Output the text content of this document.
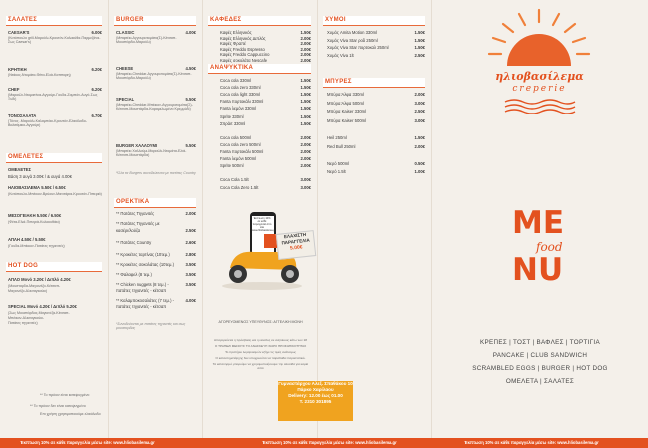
ΣΑΛΑΤΕΣ
CAESAR'S	6.00€
(Κοτόπουλο grill-Μαρούλι-Κρουτόν-Κολοκύθα-Παρμεζάνα-Σως Caesar's)
ΚΡΗΤΙΚΗ	6.20€
(Ντάκος-Ντομάτα-Φέτα-Ελιά-Καππαρη)
CHEF	6.20€
(Μαρούλι-Ντοματίνια-Αγγούρι-Γουδα-Ζαμπόν-Αυγό-Σως Ξυδι)
ΤΟΝΟΣΑΛΑΤΑ	6.70€
(Τόνος -Μαρούλι-Καλαμπόκι-Κρουτόν-Ελαιόλαδο-Βαλσάμικο-Αγγούρι)
ΟΜΕΛΕΤΕΣ
ΟΜΕΛΕΤΕΣ
Βάση 3 αυγά 3.00€ / & αυγά 4.00€
ΗΛΙΟΒΑΣΙΛΕΜΑ 5.50€ / 6.50€
(Κοτόπουλο-Μπέικον-Βρύουν-Μανιτάρια-Κρουτόν-Πιπεριά)
ΜΕΣΟΓΕΙΑΚΗ 5.50€ / 6.50€
(Φέτα-Ελιά-Πιπεριά-Κολοκυθάκι)
ΑΠΛΗ 4.50€ / 5.50€
(Γουδα-Μπέικον-Πατάτες τηγανιτές)
HOT DOG
ΑΠΛΟ Μονό 3.20€ / Διπλό 4.20€
(Μουσταρδα-Μαγιονέζα-Κέτσαπ-
Μαγιονέζα-Αλεσαγκούκι)
SPECIAL Μονό 4.20€ / Διπλό 5.20€
(Σως Μουστάρδας-Μαγιονέζα-Κέτσαπ-
Μπέικον-Αλεσαγκούκι-
Πατάτες τηγανιτές)
** Το πρόιον είναι κατεψυγμένο
** Το πρόιον δεν είναι κατεψυγμένο
Επι χρήση χρησιμοποιούμε ελαιόλαδο
BURGER
CLASSIC	4.00€
(Μπιφτέκι-Αγγουροτομάτα(Σ)-Κέτσαπ-Μουστάρδα-Μαρούλι)
CHEESE	4.50€
(Μπιφτέκι-Cheddar-Αγγουροτομάτα(Σ)-Κέτσαπ-Μουστάρδα-Μαρούλι)
SPECIAL	5.50€
(Μπιφτέκι-Cheddar-Μπέικον-Αγγουροτομάτα(Σ)-Κέτσαπ-Μουστάρδα-Καραμελωμένο Κρεμμύδι)
BURGER ΧΑΛΛΟΥΜΙ	5.50€
(Μπιφτέκι Χαλλούμι-Μαρούλι-Ντομάτα-Ελιά-Κέτσαπ-Μουστάρδα)
*Όλα τα Burgers συνοδεύονται με πατάτες Country
ΟΡΕΚΤΙΚΑ
** Πατάτες Τηγανιτές	2.00€
** Πατάτες Τηγανιτές με
κασέρι/λούζα	2.50€
** Πατάτες Country	2.60€
** Κροκέτες ταρτίνας (10τεμ.)	2.80€
** Κροκέτες σοκολάτας (10τεμ.)	3.50€
** Φαλαφελ (8 τεμ.)	3.50€
** Chicken nuggets (8 τεμ.) -	3.50€
πατάτες τηγανιτές - κέτσαπ
** Καλαμποκοσαλάτες (7 τεμ.) -	4.00€
πατάτες τηγανιτές - κέτσαπ
*Συνοδεύονται με πατάτες τηγανιτές και σως μουσταρδας
ΚΑΦΕΔΕΣ
Καφές Ελληνικός	1.50€
Καφές Ελληνικός Διπλός	2.00€
Καφές Φραπέ	2.00€
Καφές Freddo Espresso	2.00€
Καφές Freddo Cappuccino	2.00€
Καφές σοκολάτα Nescafe	2.00€
ΑΝΑΨΥΚΤΙΚΑ
Coca cola 330ml	1.50€
Coca cola zero 330ml	1.50€
Coca cola light 330ml	1.50€
Fanta πορτοκάλι 330ml	1.50€
Fanta λεμόνι 330ml	1.50€
Sprite 330ml	1.50€
Σπράιτ 330ml	1.50€
Coca cola 500ml	2.00€
Coca cola zero 500ml	2.00€
Fanta πορτοκάλι 500ml	2.00€
Fanta λεμόνι 500ml	2.00€
Sprite 500ml	2.00€
Coca Cola 1.5lt	3.00€
Coca Cola Zero 1.5lt	3.00€
Έκπτωση 10% σε κάθε παραγγελία από site www.hliobasilema.gr
ΕΛΑΧΙΣΤΗ
ΠΑΡΑΓΓΕΛΙΑ
5.00€
ΑΓΟΡΕΥΟΜΕΝΟΣ ΥΠΕΥΘΥΝΟΣ: ΑΓΓΕΛΙΚΗ ΜΟΝΗ
Απαγορεύεται η πρόσβαση και η είσοδος σε ανηλίκους κάτω των 18
Ο ΤΡΑΠΕΖΙ ΜΕΝΟΥΣ ΤΟ ΑΝΑΣΚΕΥΗ ΧΩΡΟ ΠΡΟΣΩΠΙΚΟΤΗΤΑΣ
Το πρατήριο λογαριασμών εξήγε τις τιμές ανάλογως
Ο καταστηματάρχης δεν υποχρεούται να παραδοθεί παραστατικό.
Τα κατανησμό μπορούμε να χρησιμοποιήσουμε την αλυσίδα για καμία αιτία
Γυμναστάρχου Αλεξ. Σπαθάκου 10
Πάρκο Χαρίλαου
Delivery: 12.00 έως 01.00
Τ. 2310 301895
ΧΥΜΟΙ
Χυμός Amita Motion 330ml	1.50€
Χυμός Viva Star ροδ 250ml	1.50€
Χυμός Viva Star πορτοκαλ 250ml	1.50€
Χυμός Viva 1lt	2.50€
ΜΠΥΡΕΣ
Μπύρα Άλφα 330ml	2.00€
Μπύρα Άλφα 500ml	3.00€
Μπύρα Kaiser 330ml	2.50€
Μπύρα Kaiser 500ml	3.00€
Heil 250ml	1.50€
Red Bull 250ml	2.00€
Νερό 500ml	0.50€
Νερό 1.5lt	1.00€
ηλιοβασίλεμα
creperie
ME
food
NU
ΚΡΕΠΕΣ | ΤΟΣΤ | ΒΑΦΛΕΣ | ΤΟΡΤΙΓΙΑ
PANCAKE | CLUB SANDWICH
SCRAMBLED EGGS | BURGER | HOT DOG
ΟΜΕΛΕΤΑ | ΣΑΛΑΤΕΣ
Έκπτωση 10% σε κάθε παραγγελία μέσω site: www.hliobasilema.gr	Έκπτωση 10% σε κάθε παραγγελία μέσω site: www.hliobasilema.gr	Έκπτωση 10% σε κάθε παραγγελία μέσω site: www.hliobasilema.gr
